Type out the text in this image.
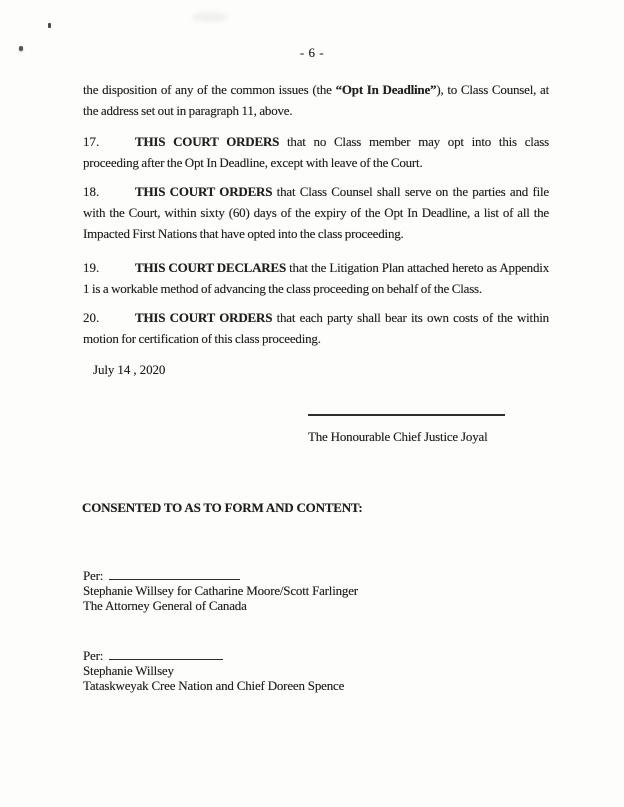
- 6 -

the disposition of any of the common issues (the “Opt In Deadline”), to Class Counsel, at the address set out in paragraph 11, above.

17.	THIS COURT ORDERS that no Class member may opt into this class proceeding after the Opt In Deadline, except with leave of the Court.

18.	THIS COURT ORDERS that Class Counsel shall serve on the parties and file with the Court, within sixty (60) days of the expiry of the Opt In Deadline, a list of all the Impacted First Nations that have opted into the class proceeding.

19.	THIS COURT DECLARES that the Litigation Plan attached hereto as Appendix 1 is a workable method of advancing the class proceeding on behalf of the Class.

20.	THIS COURT ORDERS that each party shall bear its own costs of the within motion for certification of this class proceeding.

July 14 , 2020
The Honourable Chief Justice Joyal
CONSENTED TO AS TO FORM AND CONTENT:
Per:
Stephanie Willsey for Catharine Moore/Scott Farlinger
The Attorney General of Canada
Per:
Stephanie Willsey
Tataskweyak Cree Nation and Chief Doreen Spence
